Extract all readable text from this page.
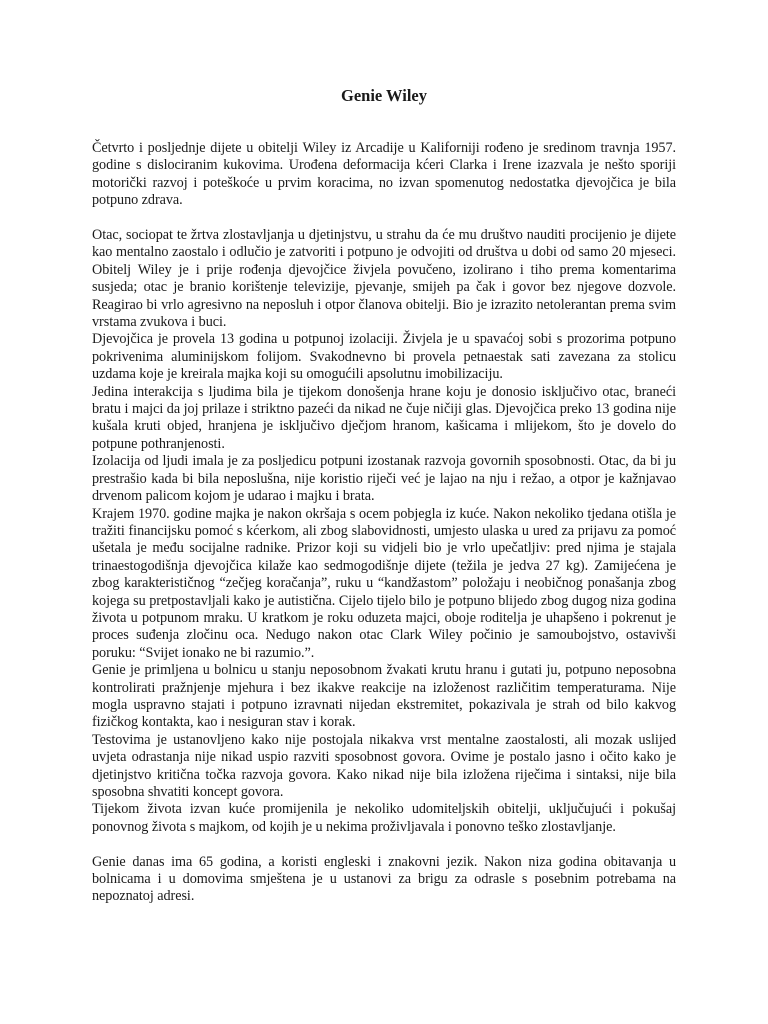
Genie Wiley

Četvrto i posljednje dijete u obitelji Wiley iz Arcadije u Kaliforniji rođeno je sredinom travnja 1957. godine s dislociranim kukovima. Urođena deformacija kćeri Clarka i Irene izazvala je nešto sporiji motorički razvoj i poteškoće u prvim koracima, no izvan spomenutog nedostatka djevojčica je bila potpuno zdrava.

Otac, sociopat te žrtva zlostavljanja u djetinjstvu, u strahu da će mu društvo nauditi procijenio je dijete kao mentalno zaostalo i odlučio je zatvoriti i potpuno je odvojiti od društva u dobi od samo 20 mjeseci. Obitelj Wiley je i prije rođenja djevojčice živjela povučeno, izolirano i tiho prema komentarima susjeda; otac je branio korištenje televizije, pjevanje, smijeh pa čak i govor bez njegove dozvole. Reagirao bi vrlo agresivno na neposluh i otpor članova obitelji. Bio je izrazito netolerantan prema svim vrstama zvukova i buci.

Djevojčica je provela 13 godina u potpunoj izolaciji. Živjela je u spavaćoj sobi s prozorima potpuno pokrivenima aluminijskom folijom. Svakodnevno bi provela petnaestak sati zavezana za stolicu uzdama koje je kreirala majka koji su omogućili apsolutnu imobilizaciju.

Jedina interakcija s ljudima bila je tijekom donošenja hrane koju je donosio isključivo otac, braneći bratu i majci da joj prilaze i striktno pazeći da nikad ne čuje ničiji glas. Djevojčica preko 13 godina nije kušala kruti objed, hranjena je isključivo dječjom hranom, kašicama i mlijekom, što je dovelo do potpune pothranjenosti.

Izolacija od ljudi imala je za posljedicu potpuni izostanak razvoja govornih sposobnosti. Otac, da bi ju prestrašio kada bi bila neposlušna, nije koristio riječi već je lajao na nju i režao, a otpor je kažnjavao drvenom palicom kojom je udarao i majku i brata.

Krajem 1970. godine majka je nakon okršaja s ocem pobjegla iz kuće. Nakon nekoliko tjedana otišla je tražiti financijsku pomoć s kćerkom, ali zbog slabovidnosti, umjesto ulaska u ured za prijavu za pomoć ušetala je među socijalne radnike. Prizor koji su vidjeli bio je vrlo upečatljiv: pred njima je stajala trinaestogodišnja djevojčica kilaže kao sedmogodišnje dijete (težila je jedva 27 kg). Zamijećena je zbog karakterističnog “zečjeg koračanja”, ruku u “kandžastom” položaju i neobičnog ponašanja zbog kojega su pretpostavljali kako je autistična. Cijelo tijelo bilo je potpuno blijedo zbog dugog niza godina života u potpunom mraku. U kratkom je roku oduzeta majci, oboje roditelja je uhapšeno i pokrenut je proces suđenja zločinu oca. Nedugo nakon otac Clark Wiley počinio je samoubojstvo, ostavivši poruku: “Svijet ionako ne bi razumio.”.

Genie je primljena u bolnicu u stanju neposobnom žvakati krutu hranu i gutati ju, potpuno neposobna kontrolirati pražnjenje mjehura i bez ikakve reakcije na izloženost različitim temperaturama. Nije mogla uspravno stajati i potpuno izravnati nijedan ekstremitet, pokazivala je strah od bilo kakvog fizičkog kontakta, kao i nesiguran stav i korak.

Testovima je ustanovljeno kako nije postojala nikakva vrst mentalne zaostalosti, ali mozak uslijed uvjeta odrastanja nije nikad uspio razviti sposobnost govora. Ovime je postalo jasno i očito kako je djetinjstvo kritična točka razvoja govora. Kako nikad nije bila izložena riječima i sintaksi, nije bila sposobna shvatiti koncept govora.

Tijekom života izvan kuće promijenila je nekoliko udomiteljskih obitelji, uključujući i pokušaj ponovnog života s majkom, od kojih je u nekima proživljavala i ponovno teško zlostavljanje.

Genie danas ima 65 godina, a koristi engleski i znakovni jezik. Nakon niza godina obitavanja u bolnicama i u domovima smještena je u ustanovi za brigu za odrasle s posebnim potrebama na nepoznatoj adresi.
